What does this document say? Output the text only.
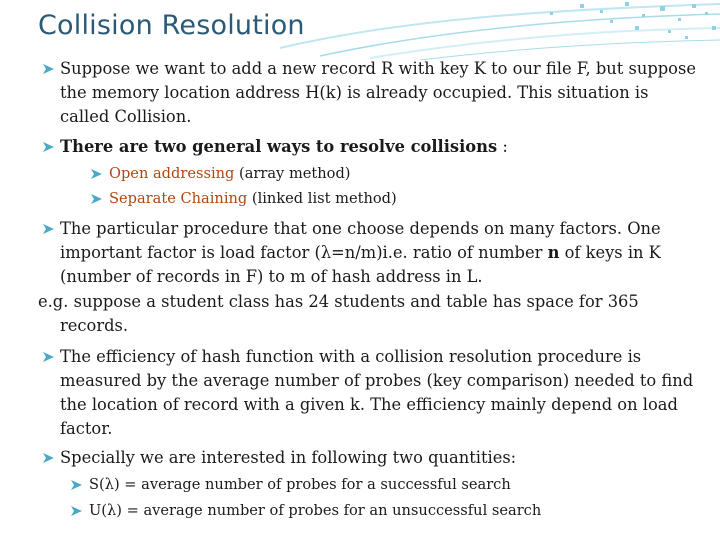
Collision Resolution
Suppose we want to add a new record R with key K to our file F, but suppose the memory location address H(k) is already occupied. This situation is called Collision.
There are two general ways to resolve collisions :
Open addressing (array method)
Separate Chaining (linked list method)
The particular procedure that one choose depends on many factors. One important factor is load factor (λ=n/m)i.e. ratio of number n of keys in K (number of records in F) to m of hash address in L.
e.g. suppose a student class has 24 students and table has space for 365
records.
The efficiency of hash function with a collision resolution procedure is measured by the average number of probes (key comparison) needed to find the location of record with a given k. The efficiency mainly depend on load factor.
Specially we are interested in following two quantities:
S(λ) = average number of probes for a successful search
U(λ) = average number of probes for an unsuccessful search
